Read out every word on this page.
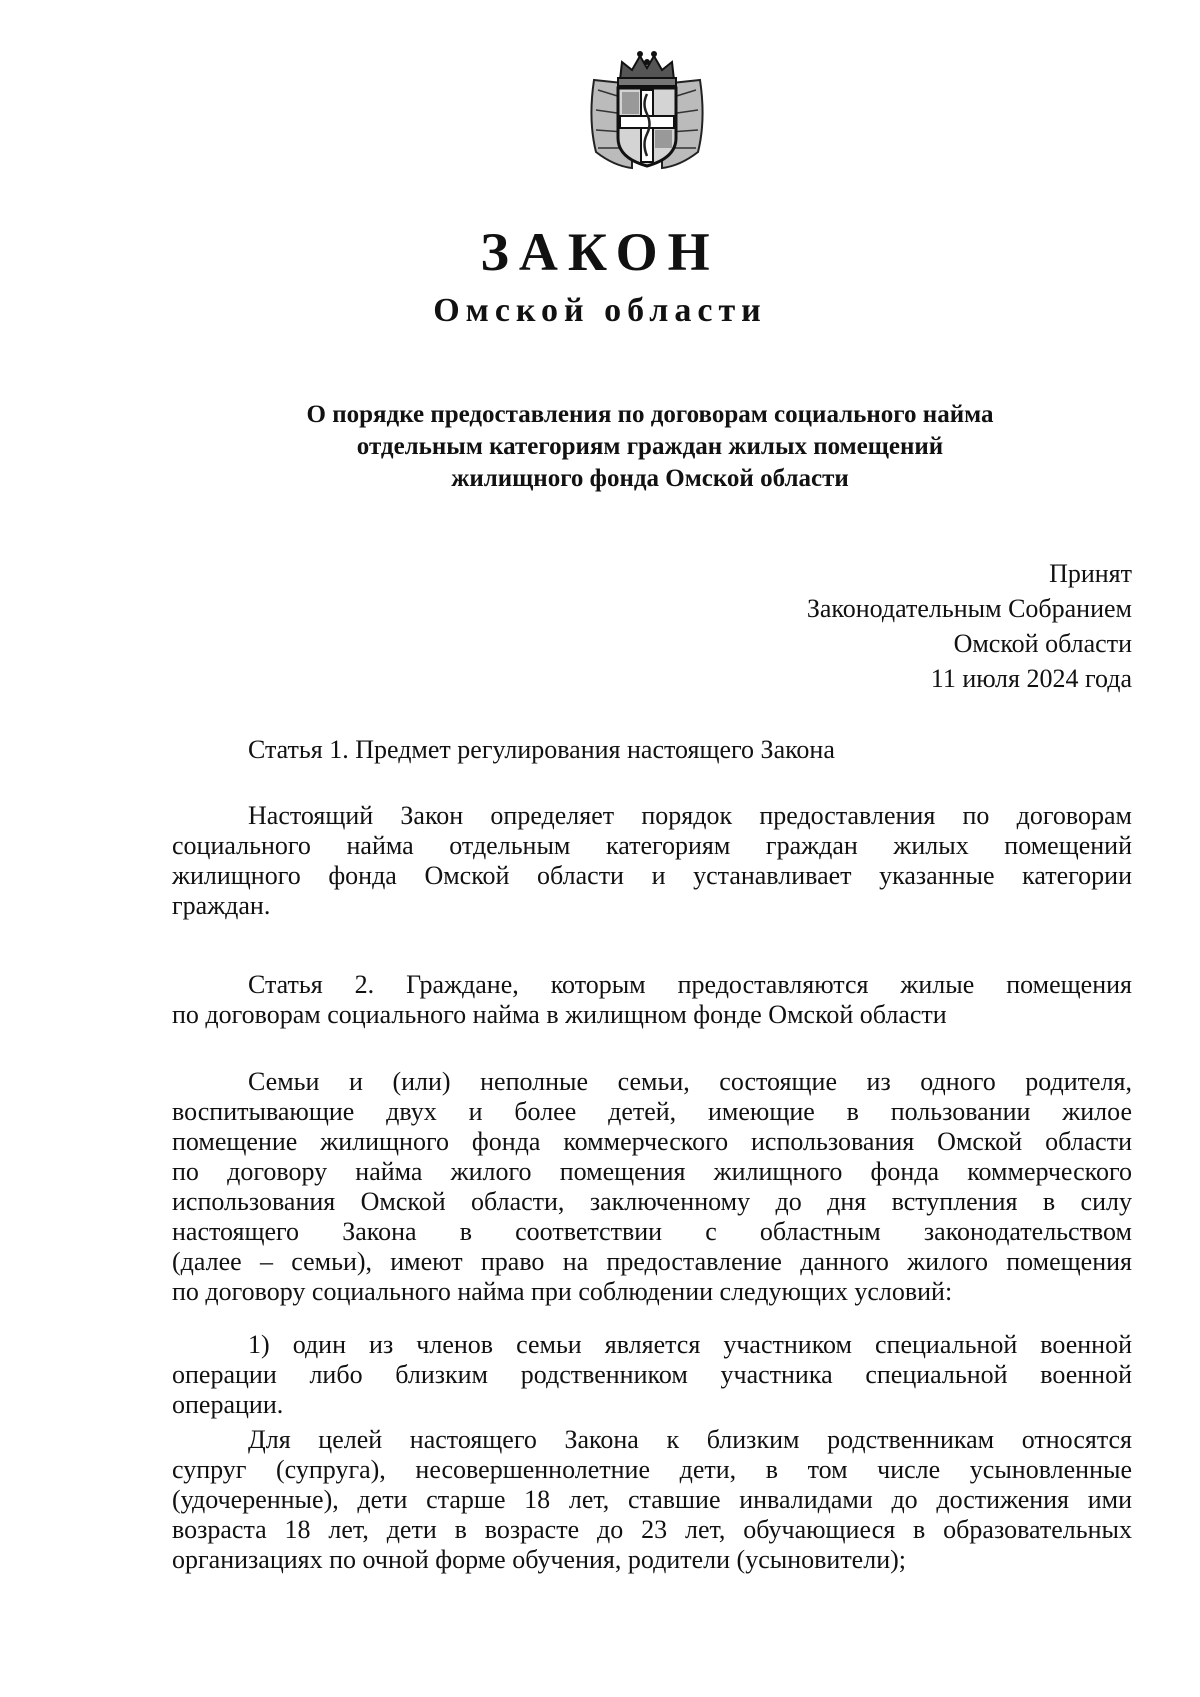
ЗАКОН
Омской области
О порядке предоставления по договорам социального найма
отдельным категориям граждан жилых помещений
жилищного фонда Омской области
Принят
Законодательным Собранием
Омской области
11 июля 2024 года
Статья 1. Предмет регулирования настоящего Закона
Настоящий Закон определяет порядок предоставления по договорам
социального найма отдельным категориям граждан жилых помещений
жилищного фонда Омской области и устанавливает указанные категории
граждан.
Статья 2. Граждане, которым предоставляются жилые помещения
по договорам социального найма в жилищном фонде Омской области
Семьи и (или) неполные семьи, состоящие из одного родителя,
воспитывающие двух и более детей, имеющие в пользовании жилое
помещение жилищного фонда коммерческого использования Омской области
по договору найма жилого помещения жилищного фонда коммерческого
использования Омской области, заключенному до дня вступления в силу
настоящего Закона в соответствии с областным законодательством
(далее – семьи), имеют право на предоставление данного жилого помещения
по договору социального найма при соблюдении следующих условий:
1) один из членов семьи является участником специальной военной
операции либо близким родственником участника специальной военной
операции.
Для целей настоящего Закона к близким родственникам относятся
супруг (супруга), несовершеннолетние дети, в том числе усыновленные
(удочеренные), дети старше 18 лет, ставшие инвалидами до достижения ими
возраста 18 лет, дети в возрасте до 23 лет, обучающиеся в образовательных
организациях по очной форме обучения, родители (усыновители);
